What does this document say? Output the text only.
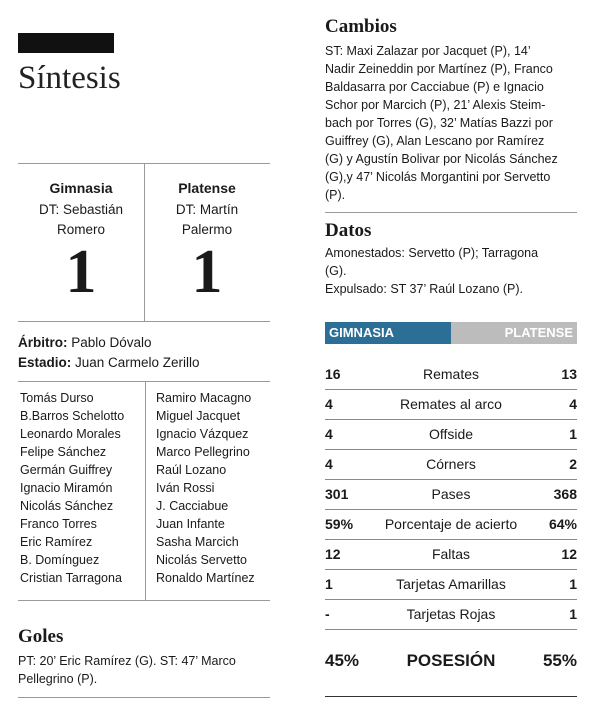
Síntesis
Gimnasia
DT: Sebastián
Romero
1
Platense
DT: Martín
Palermo
1
Árbitro: Pablo Dóvalo
Estadio: Juan Carmelo Zerillo
Tomás Durso
B.Barros Schelotto
Leonardo Morales
Felipe Sánchez
Germán Guiffrey
Ignacio Miramón
Nicolás Sánchez
Franco Torres
Eric Ramírez
B. Domínguez
Cristian Tarragona
Ramiro Macagno
Miguel Jacquet
Ignacio Vázquez
Marco Pellegrino
Raúl Lozano
Iván Rossi
J. Cacciabue
Juan Infante
Sasha Marcich
Nicolás Servetto
Ronaldo Martínez
Goles
PT: 20’ Eric Ramírez (G). ST: 47’ Marco
Pellegrino (P).
Cambios
ST: Maxi Zalazar por Jacquet (P), 14’
Nadir Zeineddin por Martínez (P), Franco
Baldasarra por Cacciabue (P) e Ignacio
Schor por Marcich (P), 21’ Alexis Steim-
bach por Torres (G), 32’ Matías Bazzi por
Guiffrey (G), Alan Lescano por Ramírez
(G) y Agustín Bolivar por Nicolás Sánchez
(G),y 47’ Nicolás Morgantini por Servetto
(P).
Datos
Amonestados: Servetto (P); Tarragona
(G).
Expulsado: ST 37’ Raúl Lozano (P).
GIMNASIA	PLATENSE
Remates
16	13
Remates al arco
4	4
Offside
4	1
Córners
4	2
Pases
301	368
Porcentaje de acierto
59%	64%
Faltas
12	12
Tarjetas Amarillas
1	1
Tarjetas Rojas
-	1
45%	POSESIÓN	55%
